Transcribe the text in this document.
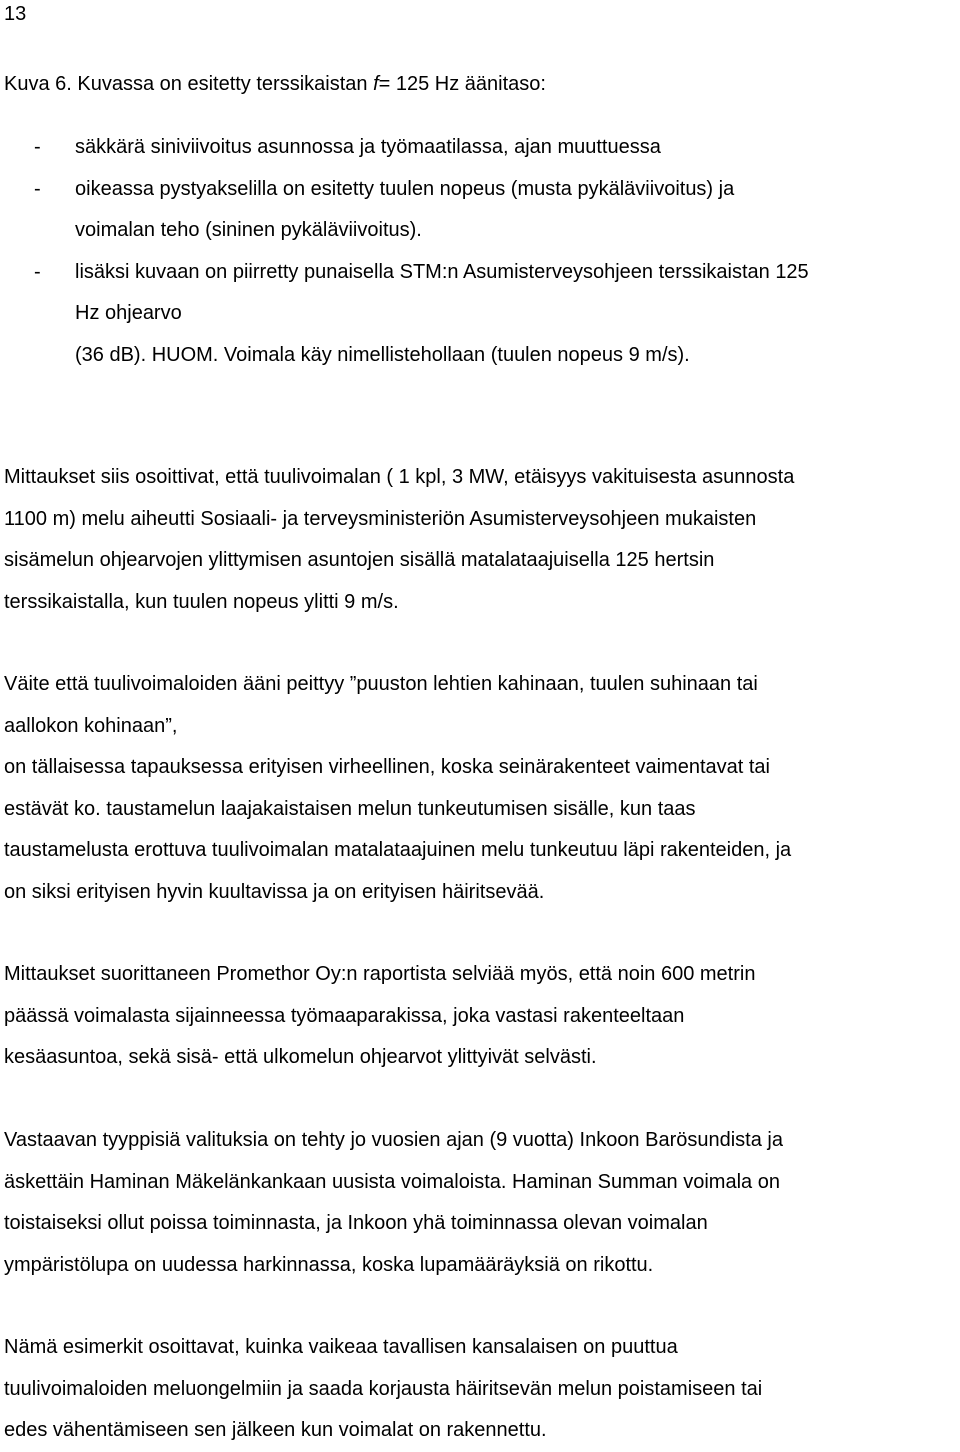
13
Kuva 6. Kuvassa on esitetty terssikaistan f= 125 Hz äänitaso:
- säkkärä siniviivoitus asunnossa ja työmaatilassa, ajan muuttuessa
- oikeassa pystyakselilla on esitetty tuulen nopeus (musta pykäläviivoitus) ja
voimalan teho (sininen pykäläviivoitus).
- lisäksi kuvaan on piirretty punaisella STM:n Asumisterveysohjeen terssikaistan 125
Hz ohjearvo
(36 dB). HUOM. Voimala käy nimellistehollaan (tuulen nopeus 9 m/s).
Mittaukset siis osoittivat, että tuulivoimalan ( 1 kpl, 3 MW, etäisyys vakituisesta asunnosta
1100 m) melu aiheutti Sosiaali- ja terveysministeriön Asumisterveysohjeen mukaisten
sisämelun ohjearvojen ylittymisen asuntojen sisällä matalataajuisella 125 hertsin
terssikaistalla, kun tuulen nopeus ylitti 9 m/s.
Väite että tuulivoimaloiden ääni peittyy ”puuston lehtien kahinaan, tuulen suhinaan tai
aallokon kohinaan”,
on tällaisessa tapauksessa erityisen virheellinen, koska seinärakenteet vaimentavat tai
estävät ko. taustamelun laajakaistaisen melun tunkeutumisen sisälle, kun taas
taustamelusta erottuva tuulivoimalan matalataajuinen melu tunkeutuu läpi rakenteiden, ja
on siksi erityisen hyvin kuultavissa ja on erityisen häiritsevää.
Mittaukset suorittaneen Promethor Oy:n raportista selviää myös, että noin 600 metrin
päässä voimalasta sijainneessa työmaaparakissa, joka vastasi rakenteeltaan
kesäasuntoa, sekä sisä- että ulkomelun ohjearvot ylittyivät selvästi.
Vastaavan tyyppisiä valituksia on tehty jo vuosien ajan (9 vuotta) Inkoon Barösundista ja
äskettäin Haminan Mäkelänkankaan uusista voimaloista. Haminan Summan voimala on
toistaiseksi ollut poissa toiminnasta, ja Inkoon yhä toiminnassa olevan voimalan
ympäristölupa on uudessa harkinnassa, koska lupamääräyksiä on rikottu.
Nämä esimerkit osoittavat, kuinka vaikeaa tavallisen kansalaisen on puuttua
tuulivoimaloiden meluongelmiin ja saada korjausta häiritsevän melun poistamiseen tai
edes vähentämiseen sen jälkeen kun voimalat on rakennettu.
